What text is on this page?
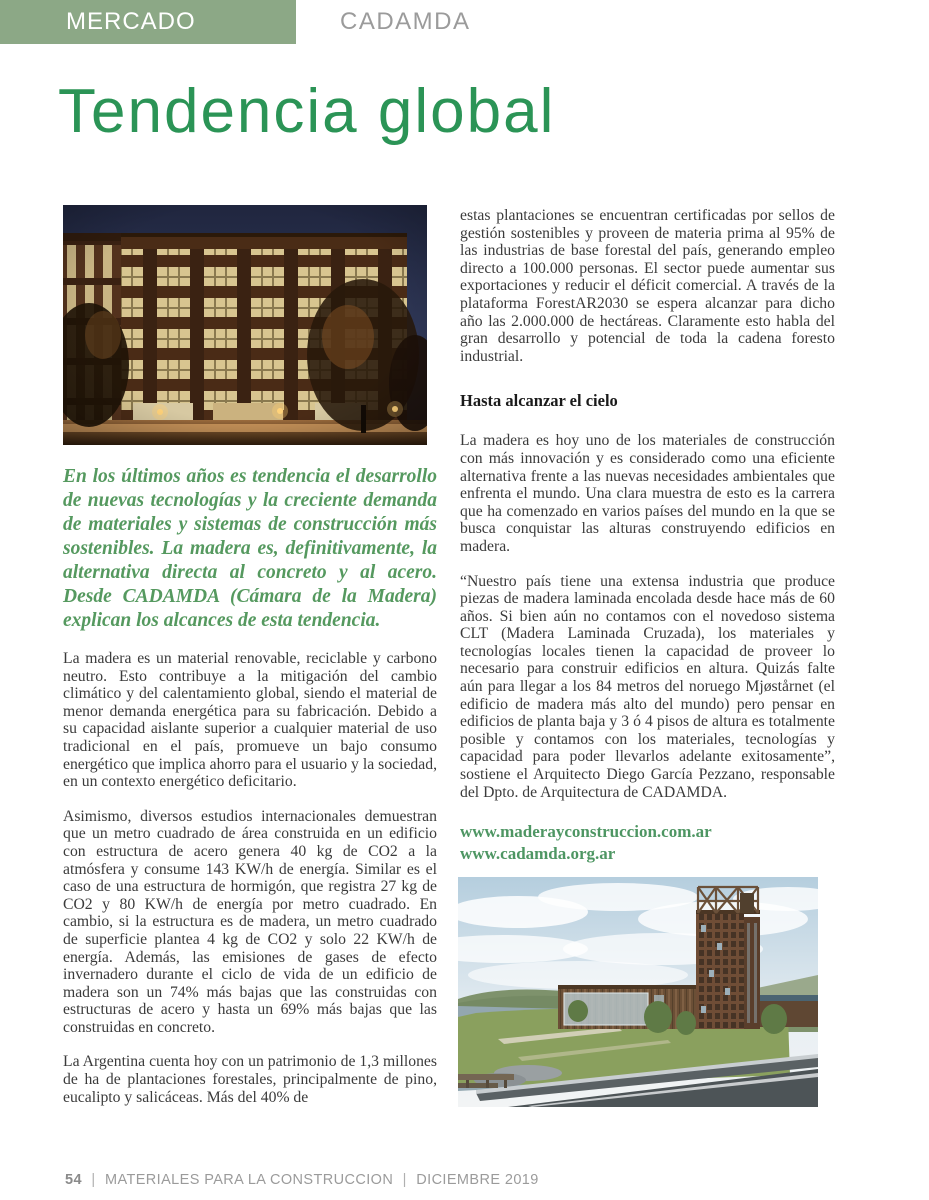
MERCADO	CADAMDA
Tendencia global

En los últimos años es tendencia el desarrollo de nuevas tecnologías y la creciente demanda de materiales y sistemas de construcción más sostenibles. La madera es, definitivamente, la alternativa directa al concreto y al acero. Desde CADAMDA (Cámara de la Madera) explican los alcances de esta tendencia.

La madera es un material renovable, reciclable y carbono neutro. Esto contribuye a la mitigación del cambio climático y del calentamiento global, siendo el material de menor demanda energética para su fabricación. Debido a su capacidad aislante superior a cualquier material de uso tradicional en el país, promueve un bajo consumo energético que implica ahorro para el usuario y la sociedad, en un contexto energético deficitario.

Asimismo, diversos estudios internacionales demuestran que un metro cuadrado de área construida en un edificio con estructura de acero genera 40 kg de CO2 a la atmósfera y consume 143 KW/h de energía. Similar es el caso de una estructura de hormigón, que registra 27 kg de CO2 y 80 KW/h de energía por metro cuadrado. En cambio, si la estructura es de madera, un metro cuadrado de superficie plantea 4 kg de CO2 y solo 22 KW/h de energía. Además, las emisiones de gases de efecto invernadero durante el ciclo de vida de un edificio de madera son un 74% más bajas que las construidas con estructuras de acero y hasta un 69% más bajas que las construidas en concreto.

La Argentina cuenta hoy con un patrimonio de 1,3 millones de ha de plantaciones forestales, principalmente de pino, eucalipto y salicáceas. Más del 40% de

estas plantaciones se encuentran certificadas por sellos de gestión sostenibles y proveen de materia prima al 95% de las industrias de base forestal del país, generando empleo directo a 100.000 personas. El sector puede aumentar sus exportaciones y reducir el déficit comercial. A través de la plataforma ForestAR2030 se espera alcanzar para dicho año las 2.000.000 de hectáreas. Claramente esto habla del gran desarrollo y potencial de toda la cadena foresto industrial.

Hasta alcanzar el cielo

La madera es hoy uno de los materiales de construcción con más innovación y es considerado como una eficiente alternativa frente a las nuevas necesidades ambientales que enfrenta el mundo. Una clara muestra de esto es la carrera que ha comenzado en varios países del mundo en la que se busca conquistar las alturas construyendo edificios en madera.

“Nuestro país tiene una extensa industria que produce piezas de madera laminada encolada desde hace más de 60 años. Si bien aún no contamos con el novedoso sistema CLT (Madera Laminada Cruzada), los materiales y tecnologías locales tienen la capacidad de proveer lo necesario para construir edificios en altura. Quizás falte aún para llegar a los 84 metros del noruego Mjøstårnet (el edificio de madera más alto del mundo) pero pensar en edificios de planta baja y 3 ó 4 pisos de altura es totalmente posible y contamos con los materiales, tecnologías y capacidad para poder llevarlos adelante exitosamente”, sostiene el Arquitecto Diego García Pezzano, responsable del Dpto. de Arquitectura de CADAMDA.

www.maderayconstruccion.com.ar
www.cadamda.org.ar
54 | MATERIALES PARA LA CONSTRUCCION | DICIEMBRE 2019
